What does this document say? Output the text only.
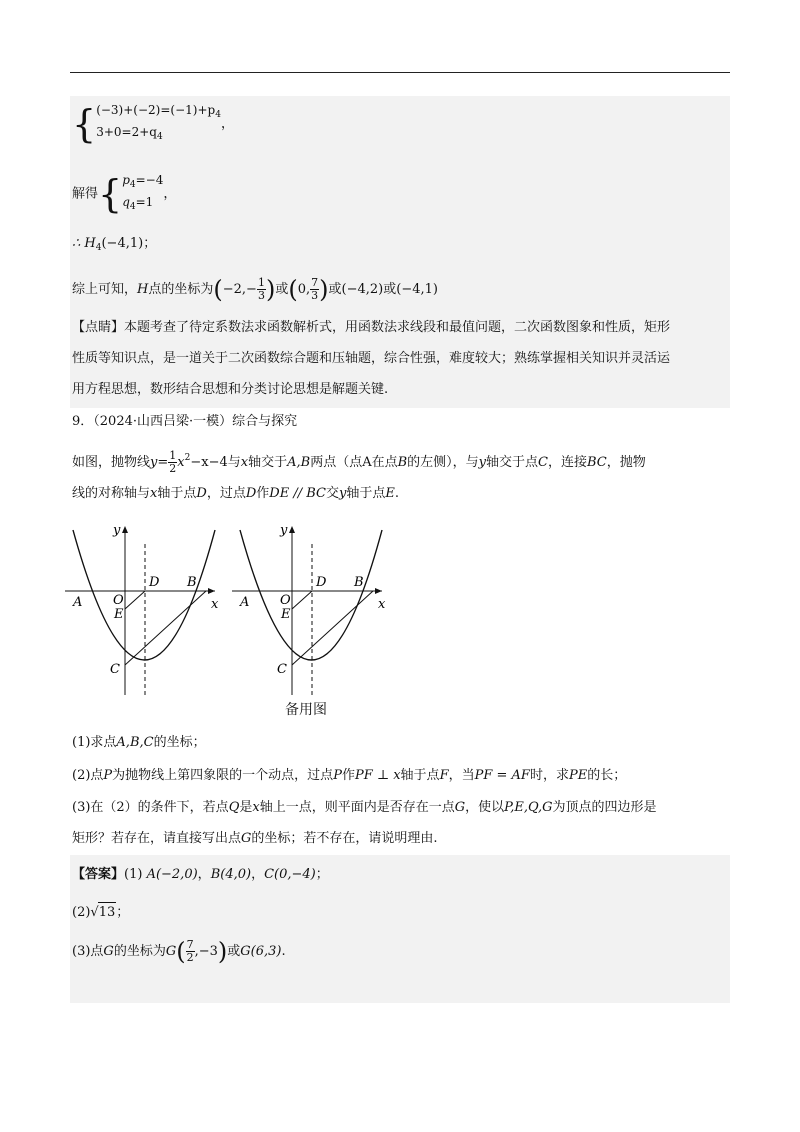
{$(-3)+(-2)=(-1)+p_4$
$3+0=2+q_4$，
解得{$p_4=-4$
$q_4=1$，
∴ $H_4(-4,1)$；
综上可知，H点的坐标为($-2,- \frac{1}{3}$ )或(0, $\frac{7}{3}$ )或(−4,2)或(−4,1)
【点睛】本题考查了待定系数法求函数解析式，用函数法求线段和最值问题，二次函数图象和性质，矩形
性质等知识点，是一道关于二次函数综合题和压轴题，综合性强，难度较大；熟练掌握相关知识并灵活运
用方程思想，数形结合思想和分类讨论思想是解题关键.
9．（2024·山西吕梁·一模）综合与探究
如图，抛物线$y= \frac{1}{2} x^2-x-4$与x轴交于A,B两点（点A在点B的左侧），与y轴交于点C，连接BC，抛物
线的对称轴与x轴于点D，过点D作DE // BC交y轴于点E.
y
x
O
A
B
D
E
C
y
x
O
A
B
D
E
C
备用图
(1)求点A,B,C的坐标；
(2)点P为抛物线上第四象限的一个动点，过点P作PF ⊥ x轴于点F，当PF = AF时，求PE的长；
(3)在（2）的条件下，若点Q是x轴上一点，则平面内是否存在一点G，使以P,E,Q,G为顶点的四边形是
矩形？若存在，请直接写出点G的坐标；若不存在，请说明理由.
【答案】(1) A(−2,0)，B(4,0)，C(0,−4)；
(2)√13；
(3)点G的坐标为$G( \frac{7}{2} ,-3)$或G(6,3).
